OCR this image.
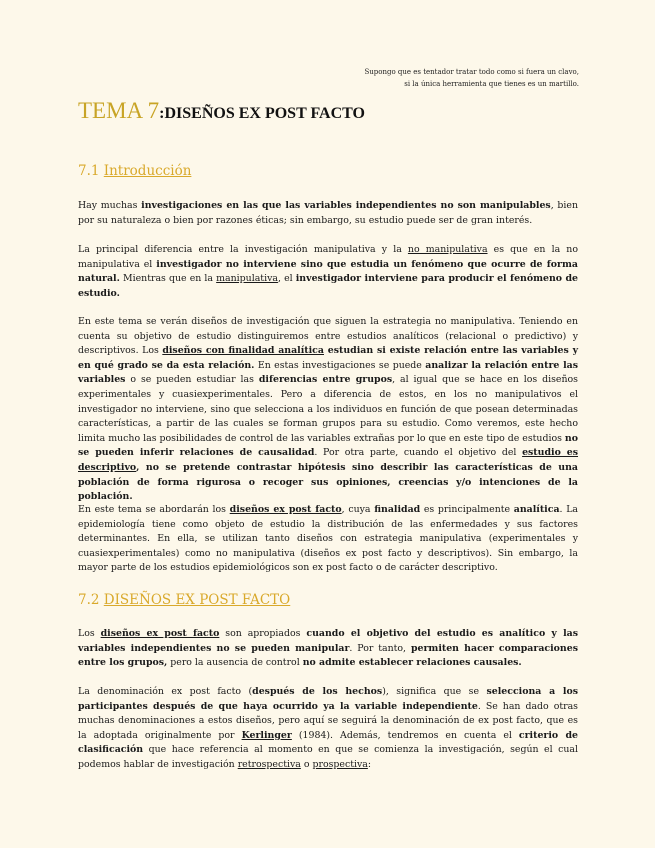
Supongo que es tentador tratar todo como si fuera un clavo,
si la única herramienta que tienes es un martillo.
TEMA 7:DISEÑOS EX POST FACTO
7.1 Introducción
Hay muchas investigaciones en las que las variables independientes no son manipulables, bien por su naturaleza o bien por razones éticas; sin embargo, su estudio puede ser de gran interés.
La principal diferencia entre la investigación manipulativa y la no manipulativa es que en la no manipulativa el investigador no interviene sino que estudia un fenómeno que ocurre de forma natural. Mientras que en la manipulativa, el investigador interviene para producir el fenómeno de estudio.
En este tema se verán diseños de investigación que siguen la estrategia no manipulativa. Teniendo en cuenta su objetivo de estudio distinguiremos entre estudios analíticos (relacional o predictivo) y descriptivos. Los diseños con finalidad analítica estudian si existe relación entre las variables y en qué grado se da esta relación. En estas investigaciones se puede analizar la relación entre las variables o se pueden estudiar las diferencias entre grupos, al igual que se hace en los diseños experimentales y cuasiexperimentales. Pero a diferencia de estos, en los no manipulativos el investigador no interviene, sino que selecciona a los individuos en función de que posean determinadas características, a partir de las cuales se forman grupos para su estudio. Como veremos, este hecho limita mucho las posibilidades de control de las variables extrañas por lo que en este tipo de estudios no se pueden inferir relaciones de causalidad. Por otra parte, cuando el objetivo del estudio es descriptivo, no se pretende contrastar hipótesis sino describir las características de una población de forma rigurosa o recoger sus opiniones, creencias y/o intenciones de la población.
En este tema se abordarán los diseños ex post facto, cuya finalidad es principalmente analítica. La epidemiología tiene como objeto de estudio la distribución de las enfermedades y sus factores determinantes. En ella, se utilizan tanto diseños con estrategia manipulativa (experimentales y cuasiexperimentales) como no manipulativa (diseños ex post facto y descriptivos). Sin embargo, la mayor parte de los estudios epidemiológicos son ex post facto o de carácter descriptivo.
7.2 DISEÑOS EX POST FACTO
Los diseños ex post facto son apropiados cuando el objetivo del estudio es analítico y las variables independientes no se pueden manipular. Por tanto, permiten hacer comparaciones entre los grupos, pero la ausencia de control no admite establecer relaciones causales.
La denominación ex post facto (después de los hechos), significa que se selecciona a los participantes después de que haya ocurrido ya la variable independiente. Se han dado otras muchas denominaciones a estos diseños, pero aquí se seguirá la denominación de ex post facto, que es la adoptada originalmente por Kerlinger (1984). Además, tendremos en cuenta el criterio de clasificación que hace referencia al momento en que se comienza la investigación, según el cual podemos hablar de investigación retrospectiva o prospectiva:
